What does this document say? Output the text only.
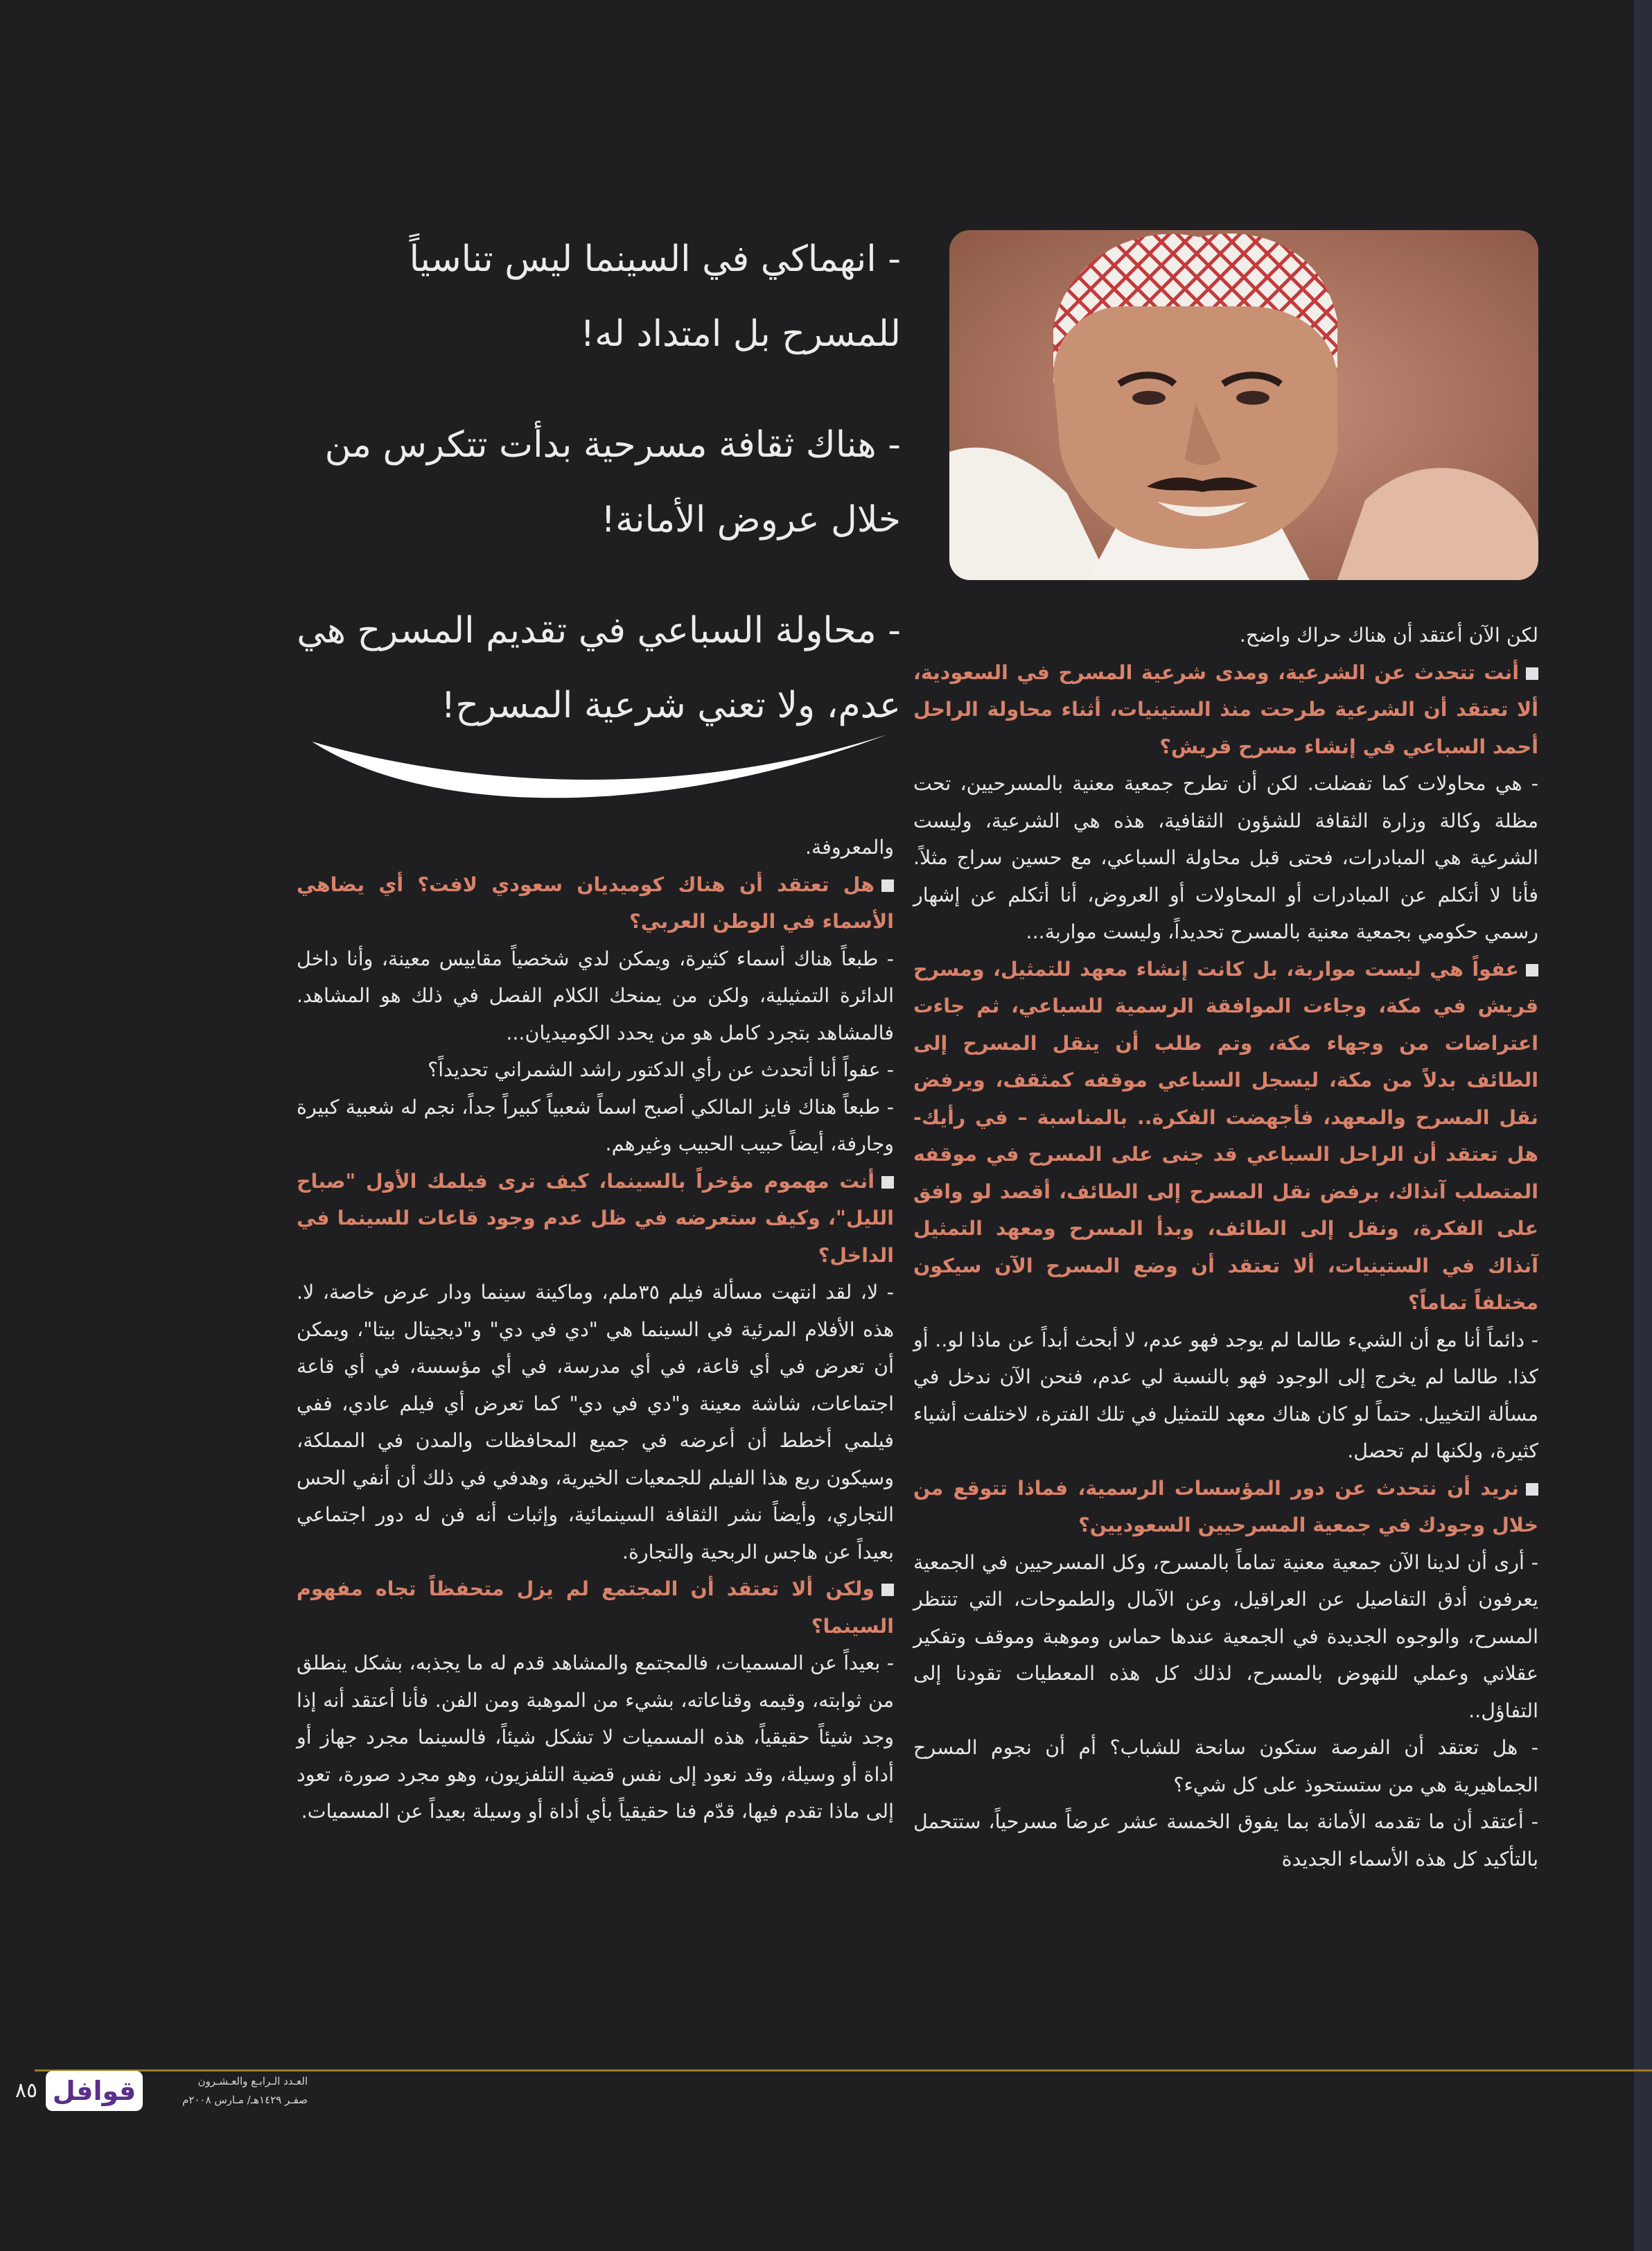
- انهماكي في السينما ليس تناسياً للمسرح بل امتداد له!

- هناك ثقافة مسرحية بدأت تتكرس من خلال عروض الأمانة!

- محاولة السباعي في تقديم المسرح هي عدم، ولا تعني شرعية المسرح!

لكن الآن أعتقد أن هناك حراك واضح.

أنت تتحدث عن الشرعية، ومدى شرعية المسرح في السعودية، ألا تعتقد أن الشرعية طرحت منذ الستينيات، أثناء محاولة الراحل أحمد السباعي في إنشاء مسرح قريش؟

- هي محاولات كما تفضلت. لكن أن تطرح جمعية معنية بالمسرحيين، تحت مظلة وكالة وزارة الثقافة للشؤون الثقافية، هذه هي الشرعية، وليست الشرعية هي المبادرات، فحتى قبل محاولة السباعي، مع حسين سراج مثلاً. فأنا لا أتكلم عن المبادرات أو المحاولات أو العروض، أنا أتكلم عن إشهار رسمي حكومي بجمعية معنية بالمسرح تحديداً، وليست مواربة...

عفواً هي ليست مواربة، بل كانت إنشاء معهد للتمثيل، ومسرح قريش في مكة، وجاءت الموافقة الرسمية للسباعي، ثم جاءت اعتراضات من وجهاء مكة، وتم طلب أن ينقل المسرح إلى الطائف بدلاً من مكة، ليسجل السباعي موقفه كمثقف، ويرفض نقل المسرح والمعهد، فأجهضت الفكرة.. بالمناسبة – في رأيك- هل تعتقد أن الراحل السباعي قد جنى على المسرح في موقفه المتصلب آنذاك، برفض نقل المسرح إلى الطائف، أقصد لو وافق على الفكرة، ونقل إلى الطائف، وبدأ المسرح ومعهد التمثيل آنذاك في الستينيات، ألا تعتقد أن وضع المسرح الآن سيكون مختلفاً تماماً؟

- دائماً أنا مع أن الشيء طالما لم يوجد فهو عدم، لا أبحث أبداً عن ماذا لو.. أو كذا. طالما لم يخرج إلى الوجود فهو بالنسبة لي عدم، فنحن الآن ندخل في مسألة التخييل. حتماً لو كان هناك معهد للتمثيل في تلك الفترة، لاختلفت أشياء كثيرة، ولكنها لم تحصل.

نريد أن نتحدث عن دور المؤسسات الرسمية، فماذا تتوقع من خلال وجودك في جمعية المسرحيين السعوديين؟

- أرى أن لدينا الآن جمعية معنية تماماً بالمسرح، وكل المسرحيين في الجمعية يعرفون أدق التفاصيل عن العراقيل، وعن الآمال والطموحات، التي تنتظر المسرح، والوجوه الجديدة في الجمعية عندها حماس وموهبة وموقف وتفكير عقلاني وعملي للنهوض بالمسرح، لذلك كل هذه المعطيات تقودنا إلى التفاؤل..

- هل تعتقد أن الفرصة ستكون سانحة للشباب؟ أم أن نجوم المسرح الجماهيرية هي من ستستحوذ على كل شيء؟

- أعتقد أن ما تقدمه الأمانة بما يفوق الخمسة عشر عرضاً مسرحياً، ستتحمل بالتأكيد كل هذه الأسماء الجديدة

والمعروفة.

هل تعتقد أن هناك كوميديان سعودي لافت؟ أي يضاهي الأسماء في الوطن العربي؟

- طبعاً هناك أسماء كثيرة، ويمكن لدي شخصياً مقاييس معينة، وأنا داخل الدائرة التمثيلية، ولكن من يمنحك الكلام الفصل في ذلك هو المشاهد. فالمشاهد بتجرد كامل هو من يحدد الكوميديان...

- عفواً أنا أتحدث عن رأي الدكتور راشد الشمراني تحديداً؟

- طبعاً هناك فايز المالكي أصبح اسماً شعبياً كبيراً جداً، نجم له شعبية كبيرة وجارفة، أيضاً حبيب الحبيب وغيرهم.

أنت مهموم مؤخراً بالسينما، كيف ترى فيلمك الأول "صباح الليل"، وكيف ستعرضه في ظل عدم وجود قاعات للسينما في الداخل؟

- لا، لقد انتهت مسألة فيلم ٣٥ملم، وماكينة سينما ودار عرض خاصة، لا. هذه الأفلام المرئية في السينما هي "دي في دي" و"ديجيتال بيتا"، ويمكن أن تعرض في أي قاعة، في أي مدرسة، في أي مؤسسة، في أي قاعة اجتماعات، شاشة معينة و"دي في دي" كما تعرض أي فيلم عادي، ففي فيلمي أخطط أن أعرضه في جميع المحافظات والمدن في المملكة، وسيكون ريع هذا الفيلم للجمعيات الخيرية، وهدفي في ذلك أن أنفي الحس التجاري، وأيضاً نشر الثقافة السينمائية، وإثبات أنه فن له دور اجتماعي بعيداً عن هاجس الربحية والتجارة.

ولكن ألا تعتقد أن المجتمع لم يزل متحفظاً تجاه مفهوم السينما؟

- بعيداً عن المسميات، فالمجتمع والمشاهد قدم له ما يجذبه، بشكل ينطلق من ثوابته، وقيمه وقناعاته، بشيء من الموهبة ومن الفن. فأنا أعتقد أنه إذا وجد شيئاً حقيقياً، هذه المسميات لا تشكل شيئاً، فالسينما مجرد جهاز أو أداة أو وسيلة، وقد نعود إلى نفس قضية التلفزيون، وهو مجرد صورة، تعود إلى ماذا تقدم فيها، قدّم فنا حقيقياً بأي أداة أو وسيلة بعيداً عن المسميات.

٨٥ قوافل	العـدد الـرابـع والعـشـرون
صفـر ١٤٢٩هـ/ مـارس ٢٠٠٨م
